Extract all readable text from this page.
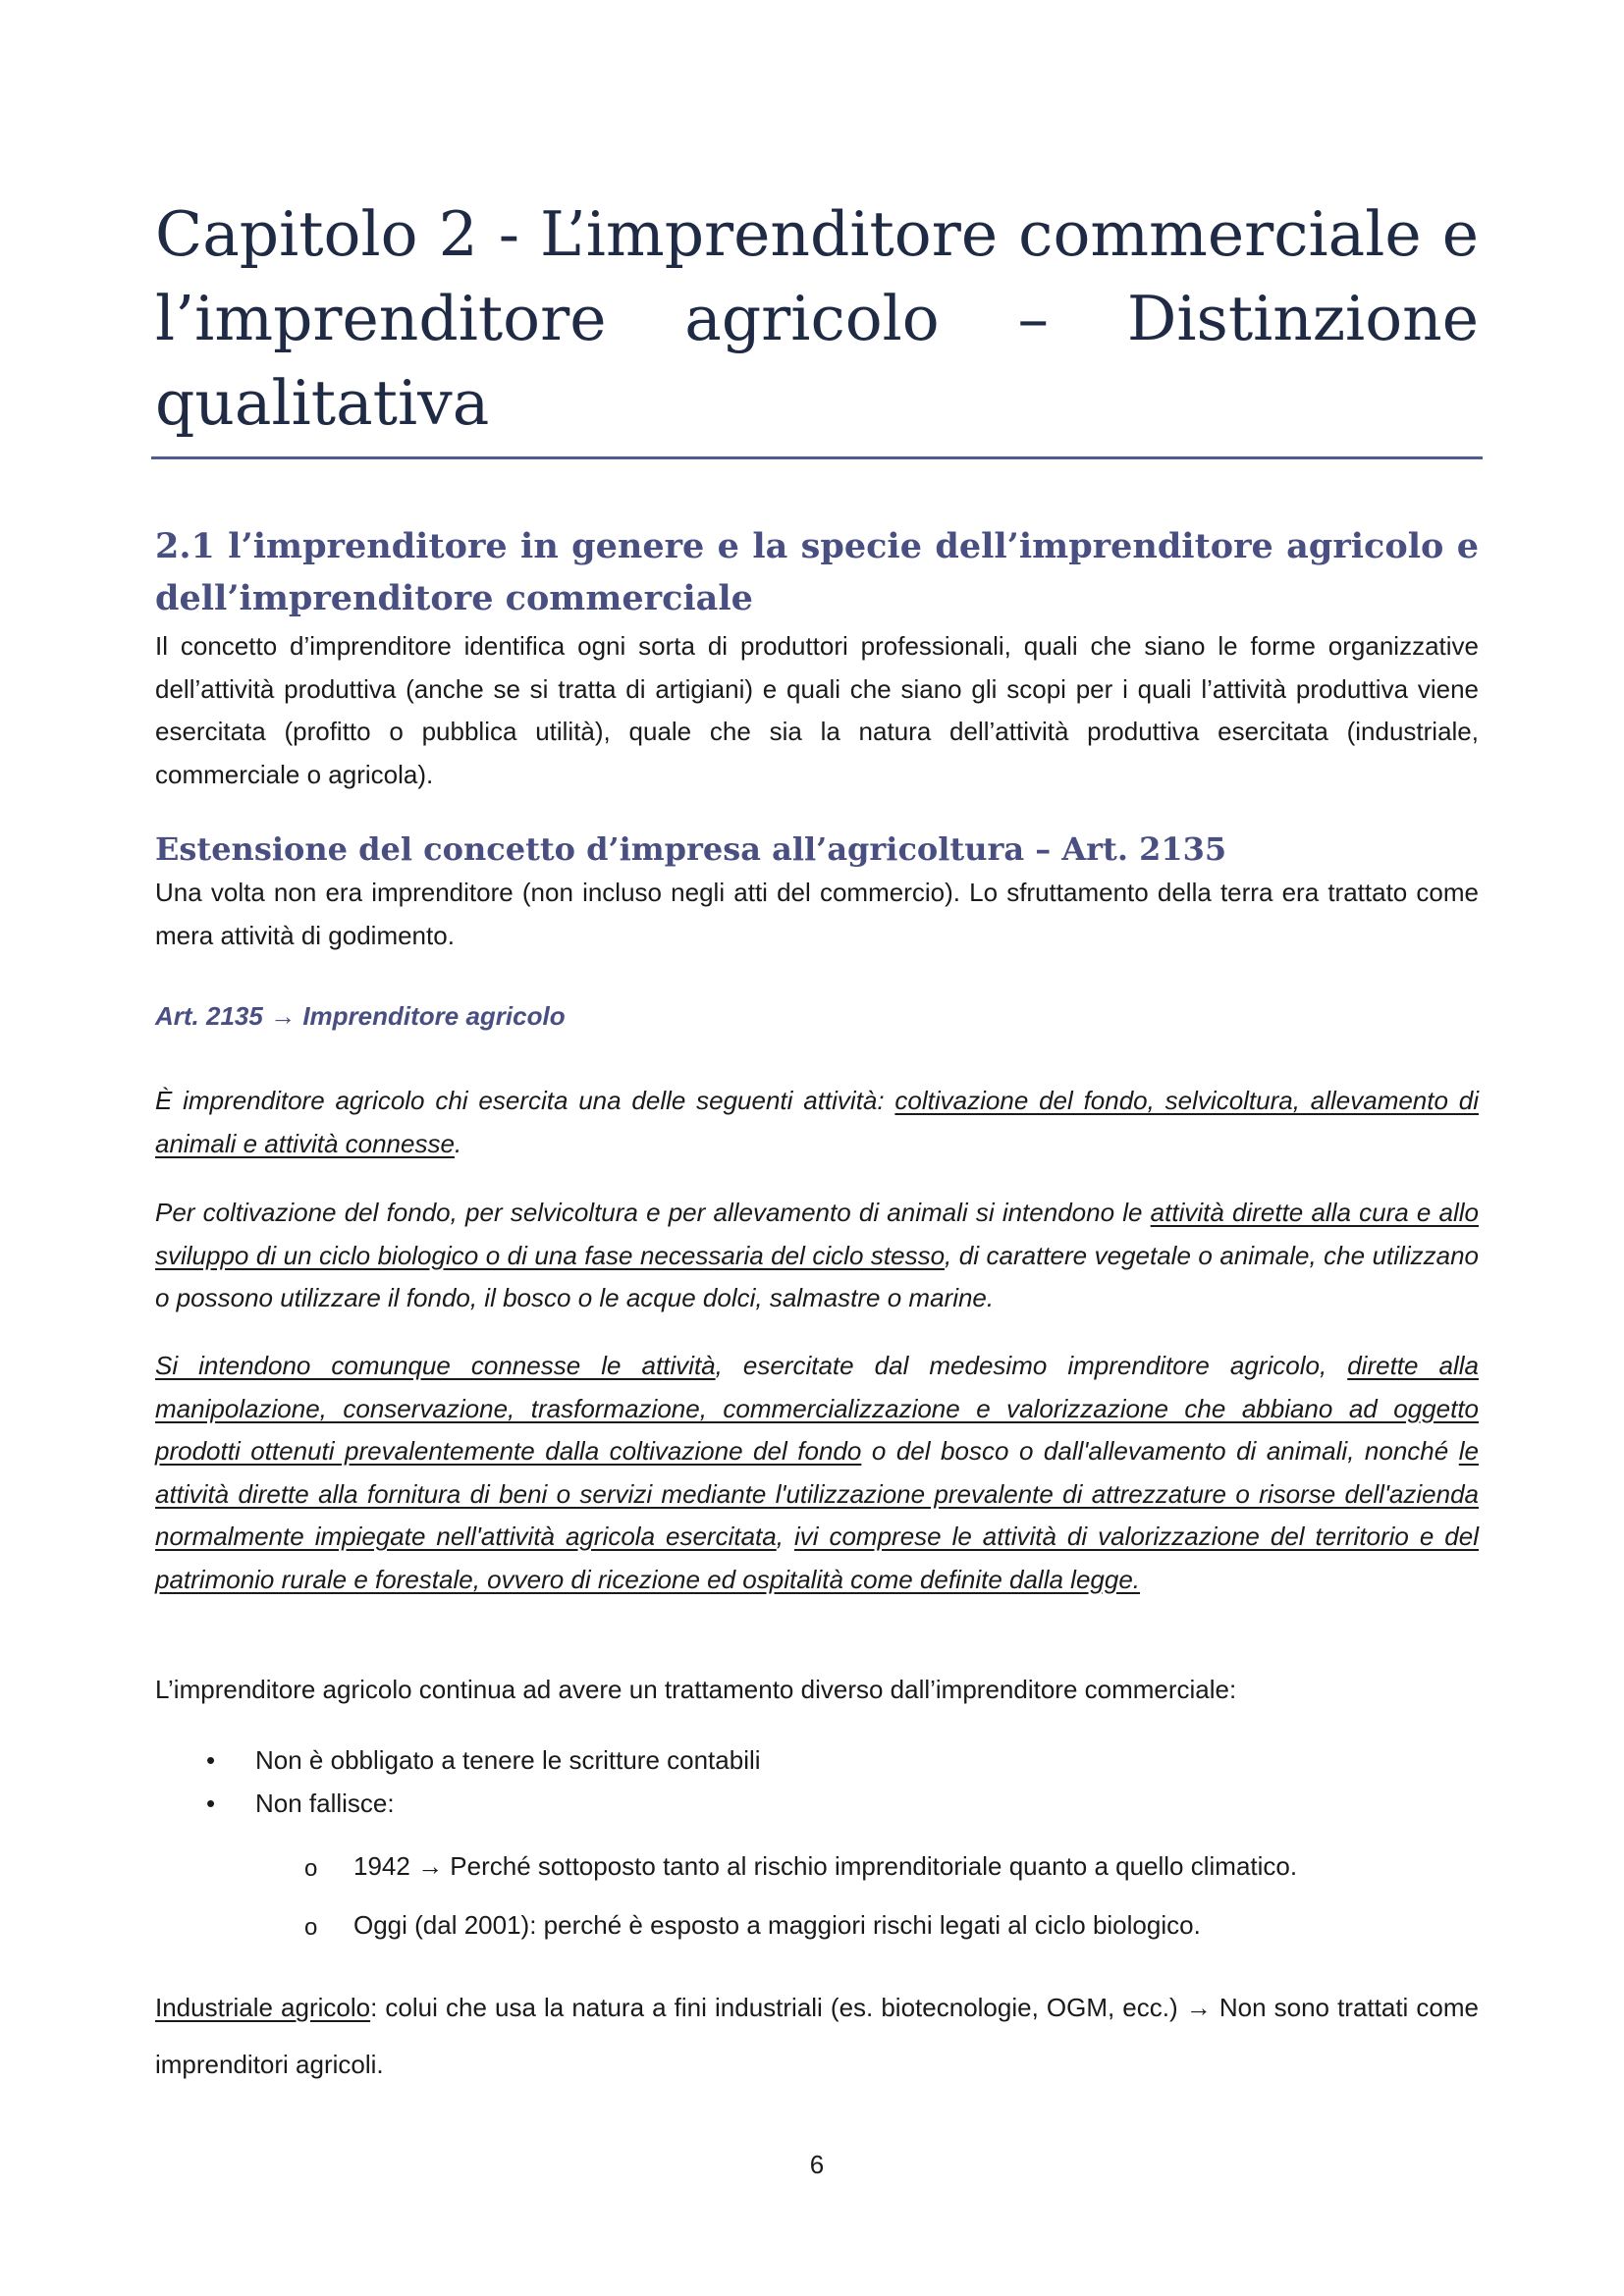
Capitolo 2 - L’imprenditore commerciale e l’imprenditore agricolo – Distinzione qualitativa
2.1 l’imprenditore in genere e la specie dell’imprenditore agricolo e dell’imprenditore commerciale

Il concetto d’imprenditore identifica ogni sorta di produttori professionali, quali che siano le forme organizzative dell’attività produttiva (anche se si tratta di artigiani) e quali che siano gli scopi per i quali l’attività produttiva viene esercitata (profitto o pubblica utilità), quale che sia la natura dell’attività produttiva esercitata (industriale, commerciale o agricola).

Estensione del concetto d’impresa all’agricoltura – Art. 2135

Una volta non era imprenditore (non incluso negli atti del commercio). Lo sfruttamento della terra era trattato come mera attività di godimento.

Art. 2135 → Imprenditore agricolo

È imprenditore agricolo chi esercita una delle seguenti attività: coltivazione del fondo, selvicoltura, allevamento di animali e attività connesse.

Per coltivazione del fondo, per selvicoltura e per allevamento di animali si intendono le attività dirette alla cura e allo sviluppo di un ciclo biologico o di una fase necessaria del ciclo stesso, di carattere vegetale o animale, che utilizzano o possono utilizzare il fondo, il bosco o le acque dolci, salmastre o marine.

Si intendono comunque connesse le attività, esercitate dal medesimo imprenditore agricolo, dirette alla manipolazione, conservazione, trasformazione, commercializzazione e valorizzazione che abbiano ad oggetto prodotti ottenuti prevalentemente dalla coltivazione del fondo o del bosco o dall'allevamento di animali, nonché le attività dirette alla fornitura di beni o servizi mediante l'utilizzazione prevalente di attrezzature o risorse dell'azienda normalmente impiegate nell'attività agricola esercitata, ivi comprese le attività di valorizzazione del territorio e del patrimonio rurale e forestale, ovvero di ricezione ed ospitalità come definite dalla legge.

L’imprenditore agricolo continua ad avere un trattamento diverso dall’imprenditore commerciale:

• Non è obbligato a tenere le scritture contabili
• Non fallisce:
o 1942 → Perché sottoposto tanto al rischio imprenditoriale quanto a quello climatico.
o Oggi (dal 2001): perché è esposto a maggiori rischi legati al ciclo biologico.

Industriale agricolo: colui che usa la natura a fini industriali (es. biotecnologie, OGM, ecc.) → Non sono trattati come imprenditori agricoli.

6
